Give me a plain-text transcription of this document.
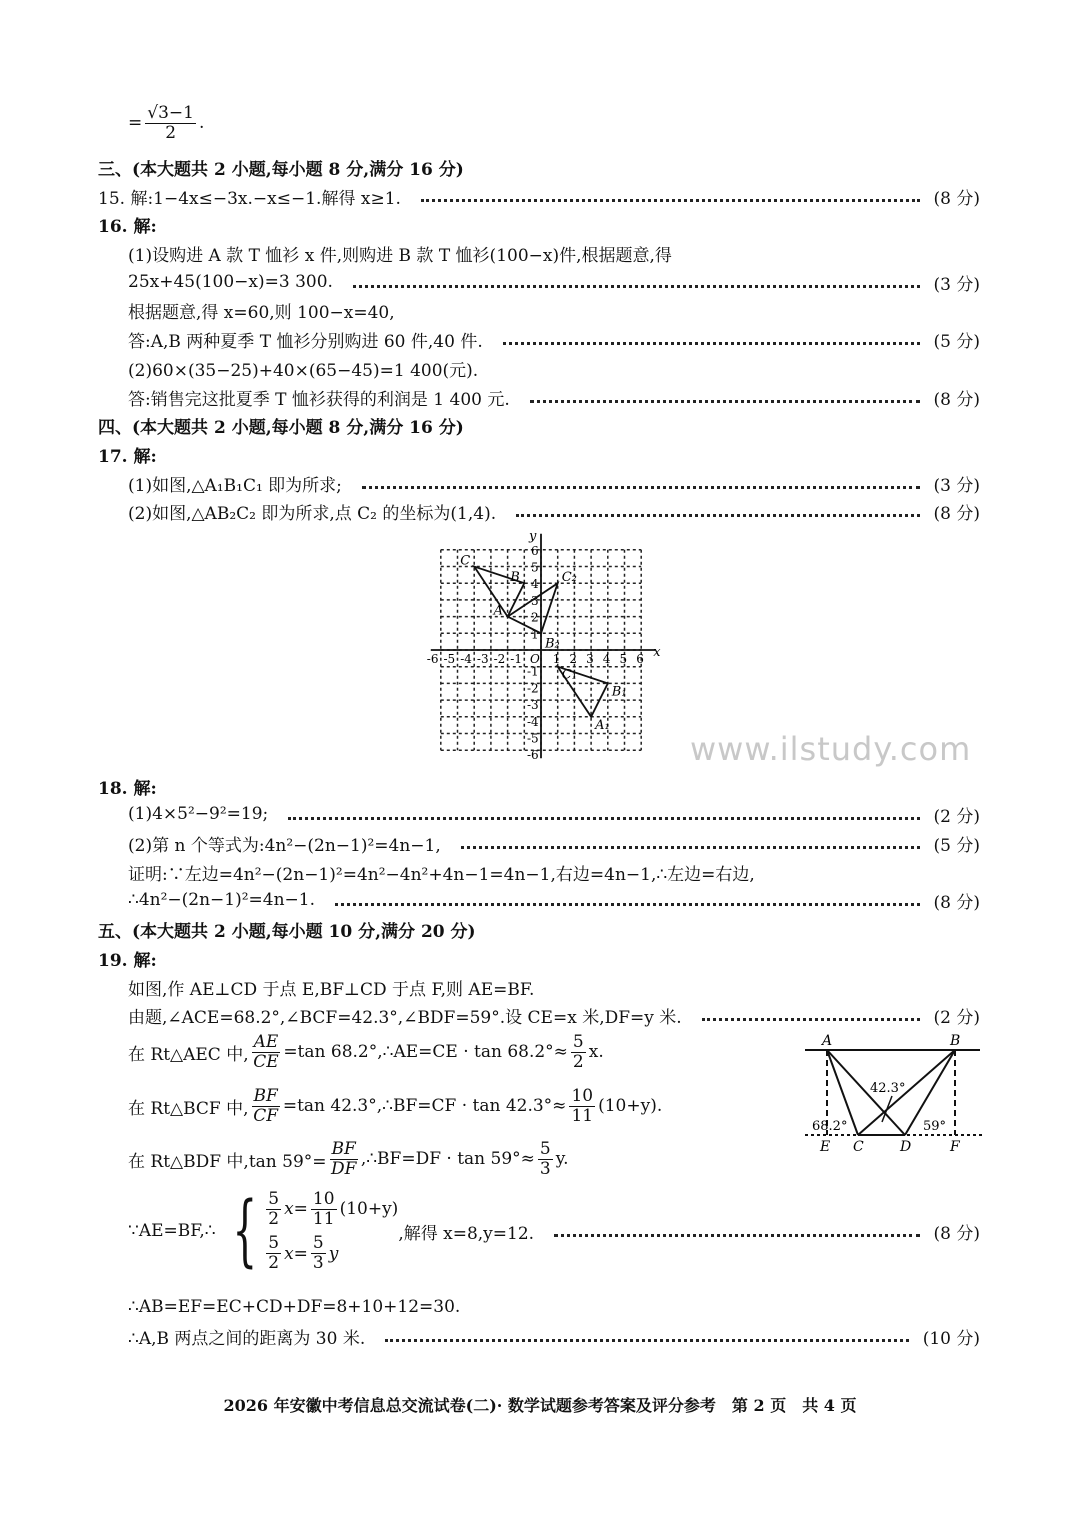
= $\frac{√3-1}{2}$ .
三、(本大题共 2 小题,每小题 8 分,满分 16 分)
15. 解:1−4x≤−3x.−x≤−1.解得 x≥1.	(8 分)
16. 解:
(1)设购进 A 款 T 恤衫 x 件,则购进 B 款 T 恤衫(100−x)件,根据题意,得
25x+45(100−x)=3 300.	(3 分)
根据题意,得 x=60,则 100−x=40,
答:A,B 两种夏季 T 恤衫分别购进 60 件,40 件.	(5 分)
(2)60×(35−25)+40×(65−45)=1 400(元).
答:销售完这批夏季 T 恤衫获得的利润是 1 400 元.	(8 分)
四、(本大题共 2 小题,每小题 8 分,满分 16 分)
17. 解:
(1)如图,△A₁B₁C₁ 即为所求;	(3 分)
(2)如图,△AB₂C₂ 即为所求,点 C₂ 的坐标为(1,4).	(8 分)
x
y
O
-6
-6
-5
-5
-4
-4
-3
-3
-2
-2
-1
-1
1
1
2
2
3
3
4
4
5
5
6
6
A
B
C
A₁
B₁
C₁
B₂
C₂
www.ilstudy.com
18. 解:
(1)4×5²−9²=19;	(2 分)
(2)第 n 个等式为:4n²−(2n−1)²=4n−1,	(5 分)
证明:∵左边=4n²−(2n−1)²=4n²−4n²+4n−1=4n−1,右边=4n−1,∴左边=右边,
∴4n²−(2n−1)²=4n−1.	(8 分)
五、(本大题共 2 小题,每小题 10 分,满分 20 分)
19. 解:
如图,作 AE⊥CD 于点 E,BF⊥CD 于点 F,则 AE=BF.
由题,∠ACE=68.2°,∠BCF=42.3°,∠BDF=59°.设 CE=x 米,DF=y 米.	(2 分)
在 Rt△AEC 中, $\frac{AE}{CE} =\tan$ 68.2°,∴AE=CE · $\tan 68.2^\circ\approx \frac{5}{2} x$.
在 Rt△BCF 中, $\frac{BF}{CF} =\tan$ 42.3°,∴BF=CF · $\tan 42.3^\circ\approx \frac{10}{11} (10+y)$.
在 Rt△BDF 中,tan $59^\circ= \frac{BF}{DF}$ ,∴BF=DF · $\tan 59^\circ\approx \frac{5}{3} y$.
∵AE=BF,∴ { $\frac{5}{2} x= \frac{10}{11} (10+y)$
$\frac{5}{2} x= \frac{5}{3}$ y
,解得 x=8,y=12.	(8 分)
∴AB=EF=EC+CD+DF=8+10+12=30.
∴A,B 两点之间的距离为 30 米.	(10 分)
A	B
C	D
E	F
68.2°
42.3°
59°
2026 年安徽中考信息总交流试卷(二)· 数学试题参考答案及评分参考　第 2 页　共 4 页
